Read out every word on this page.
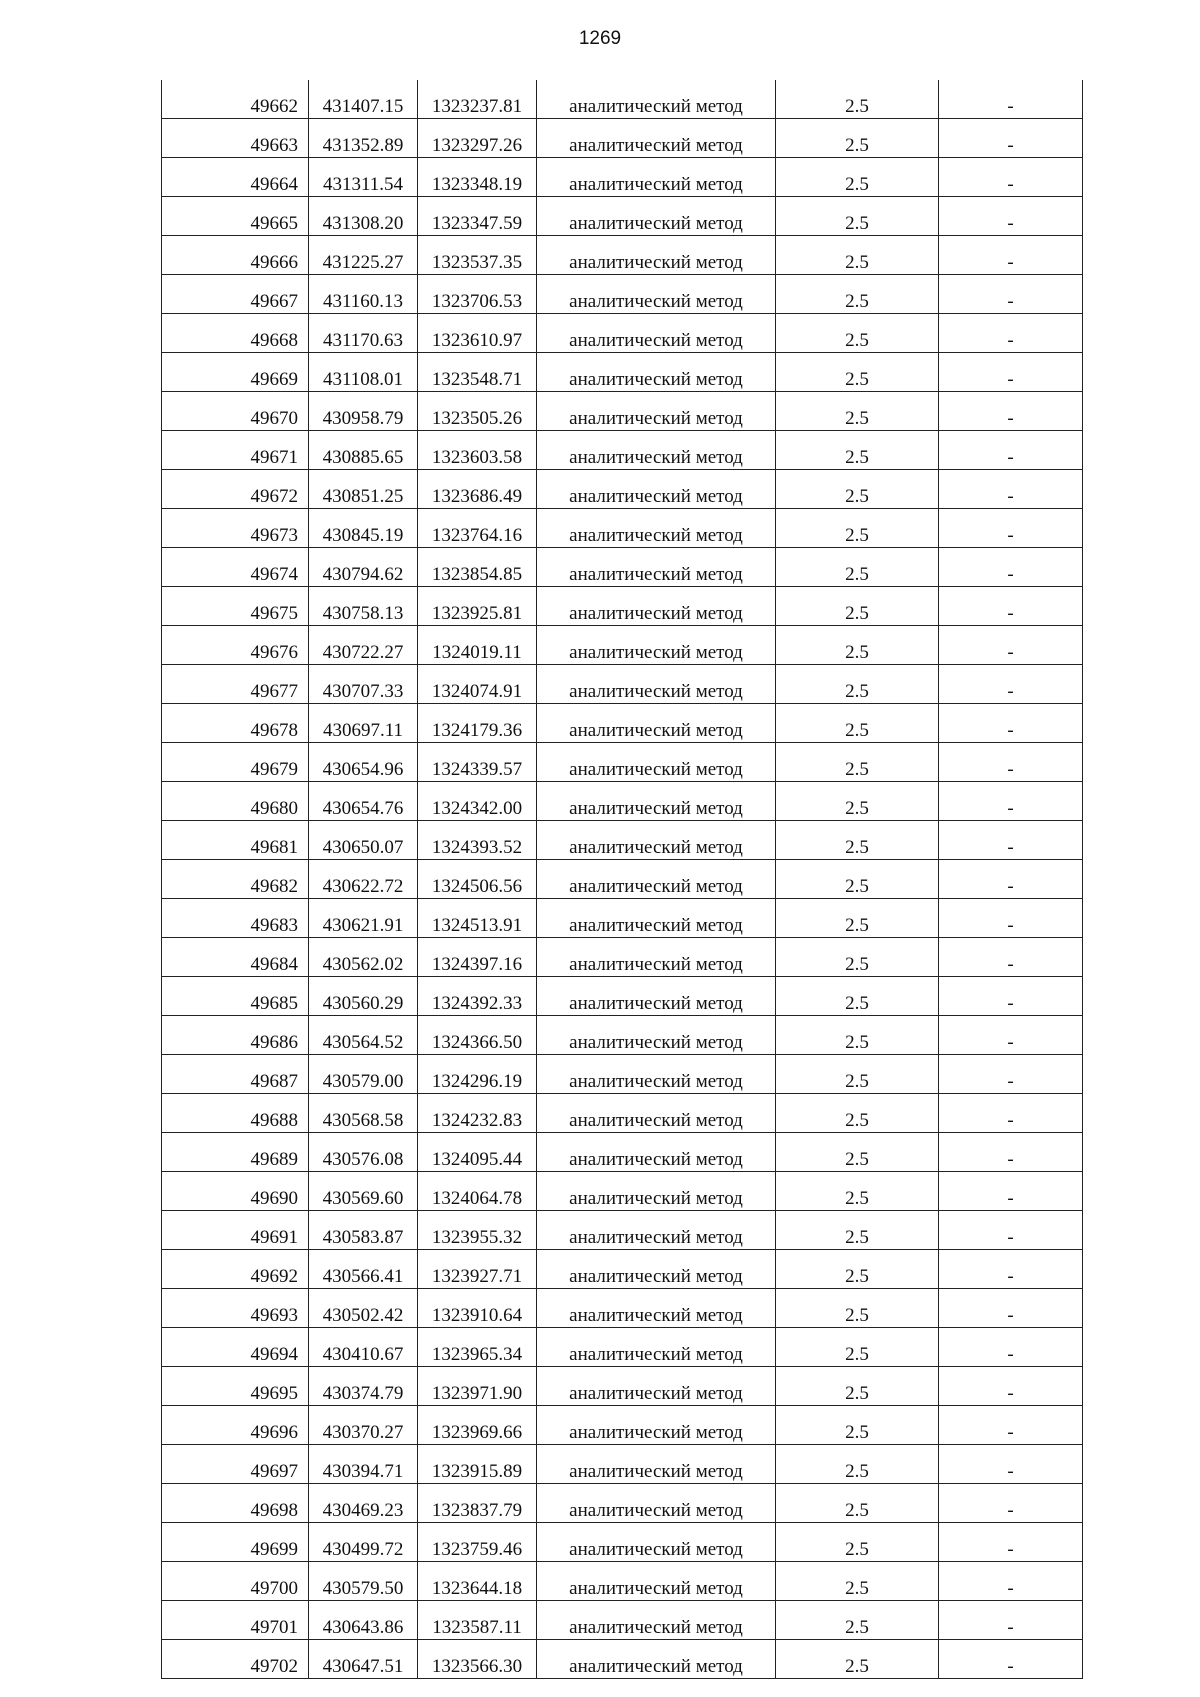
1269
49662	431407.15	1323237.81	аналитический метод	2.5	-
49663	431352.89	1323297.26	аналитический метод	2.5	-
49664	431311.54	1323348.19	аналитический метод	2.5	-
49665	431308.20	1323347.59	аналитический метод	2.5	-
49666	431225.27	1323537.35	аналитический метод	2.5	-
49667	431160.13	1323706.53	аналитический метод	2.5	-
49668	431170.63	1323610.97	аналитический метод	2.5	-
49669	431108.01	1323548.71	аналитический метод	2.5	-
49670	430958.79	1323505.26	аналитический метод	2.5	-
49671	430885.65	1323603.58	аналитический метод	2.5	-
49672	430851.25	1323686.49	аналитический метод	2.5	-
49673	430845.19	1323764.16	аналитический метод	2.5	-
49674	430794.62	1323854.85	аналитический метод	2.5	-
49675	430758.13	1323925.81	аналитический метод	2.5	-
49676	430722.27	1324019.11	аналитический метод	2.5	-
49677	430707.33	1324074.91	аналитический метод	2.5	-
49678	430697.11	1324179.36	аналитический метод	2.5	-
49679	430654.96	1324339.57	аналитический метод	2.5	-
49680	430654.76	1324342.00	аналитический метод	2.5	-
49681	430650.07	1324393.52	аналитический метод	2.5	-
49682	430622.72	1324506.56	аналитический метод	2.5	-
49683	430621.91	1324513.91	аналитический метод	2.5	-
49684	430562.02	1324397.16	аналитический метод	2.5	-
49685	430560.29	1324392.33	аналитический метод	2.5	-
49686	430564.52	1324366.50	аналитический метод	2.5	-
49687	430579.00	1324296.19	аналитический метод	2.5	-
49688	430568.58	1324232.83	аналитический метод	2.5	-
49689	430576.08	1324095.44	аналитический метод	2.5	-
49690	430569.60	1324064.78	аналитический метод	2.5	-
49691	430583.87	1323955.32	аналитический метод	2.5	-
49692	430566.41	1323927.71	аналитический метод	2.5	-
49693	430502.42	1323910.64	аналитический метод	2.5	-
49694	430410.67	1323965.34	аналитический метод	2.5	-
49695	430374.79	1323971.90	аналитический метод	2.5	-
49696	430370.27	1323969.66	аналитический метод	2.5	-
49697	430394.71	1323915.89	аналитический метод	2.5	-
49698	430469.23	1323837.79	аналитический метод	2.5	-
49699	430499.72	1323759.46	аналитический метод	2.5	-
49700	430579.50	1323644.18	аналитический метод	2.5	-
49701	430643.86	1323587.11	аналитический метод	2.5	-
49702	430647.51	1323566.30	аналитический метод	2.5	-
